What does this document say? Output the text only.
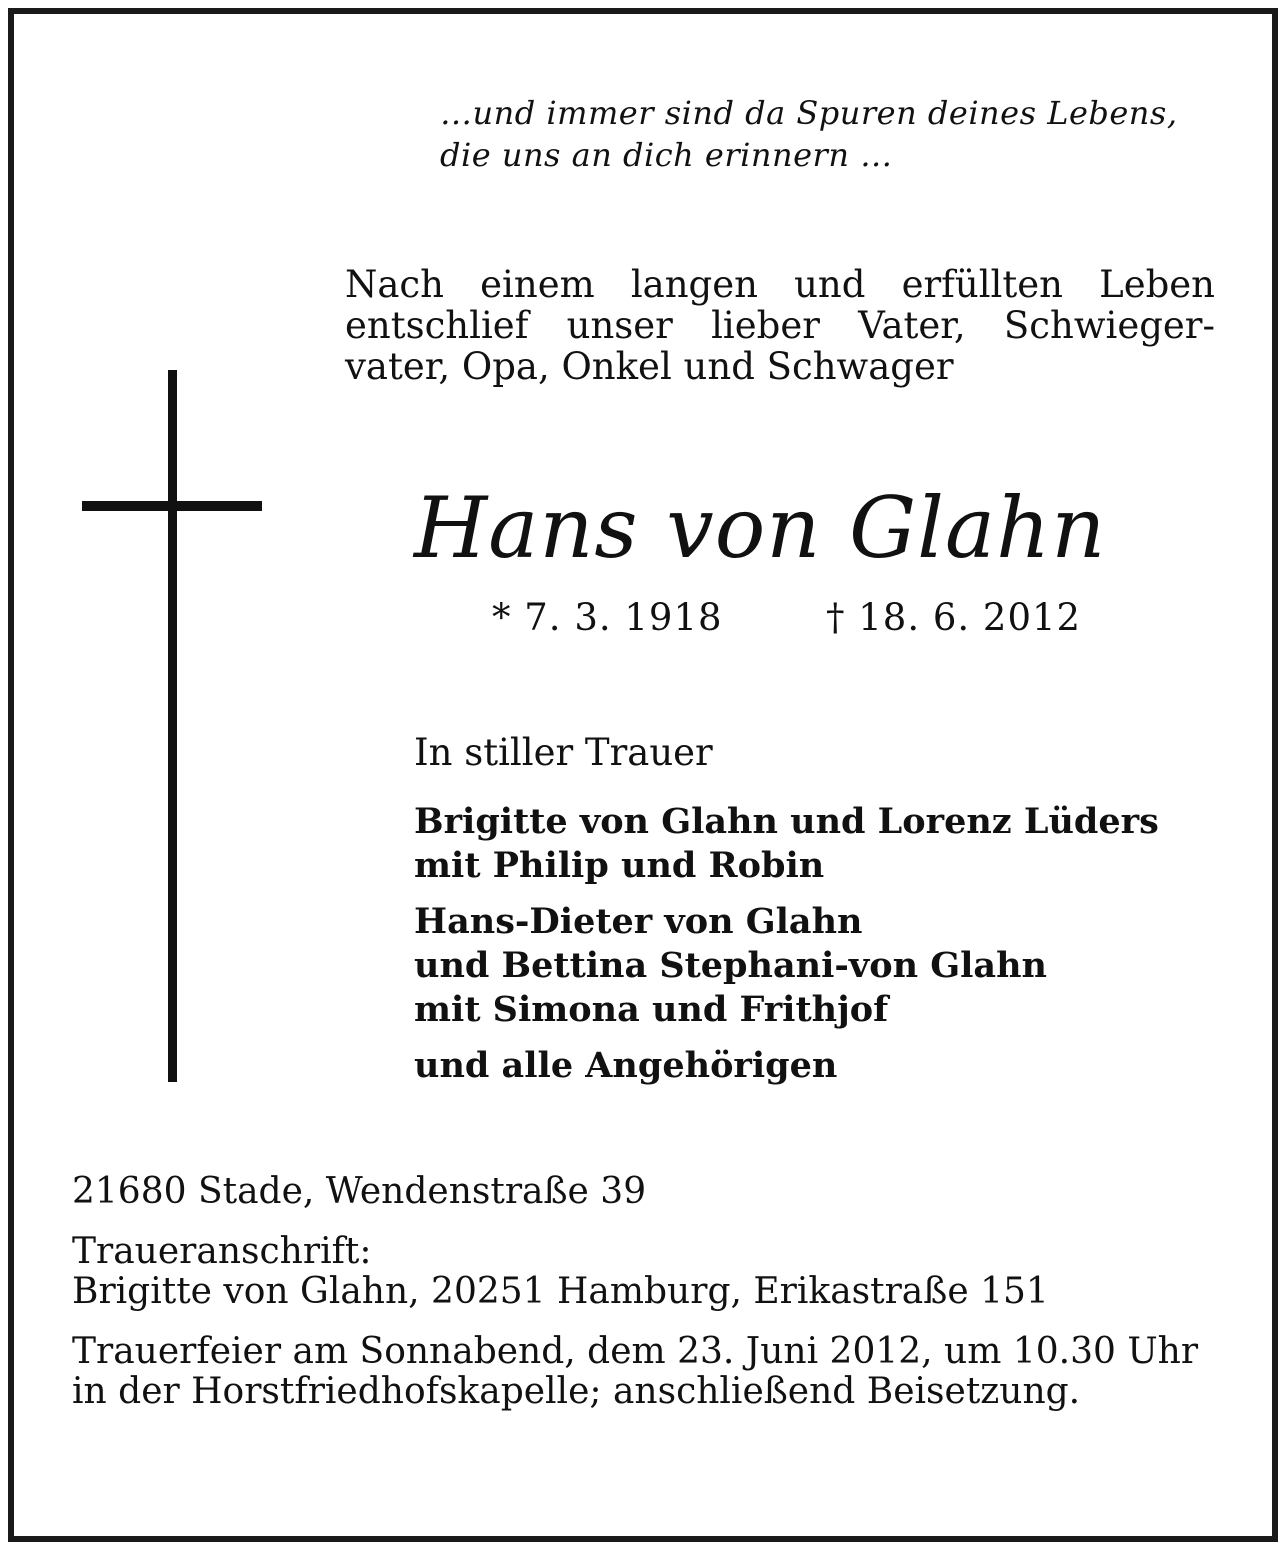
…und immer sind da Spuren deines Lebens,
die uns an dich erinnern …
Nach einem langen und erfüllten Leben
entschlief unser lieber Vater, Schwieger-
vater, Opa, Onkel und Schwager
Hans von Glahn
* 7. 3. 1918	† 18. 6. 2012
In stiller Trauer
Brigitte von Glahn und Lorenz Lüders
mit Philip und Robin
Hans-Dieter von Glahn
und Bettina Stephani-von Glahn
mit Simona und Frithjof
und alle Angehörigen
21680 Stade, Wendenstraße 39
Traueranschrift:
Brigitte von Glahn, 20251 Hamburg, Erikastraße 151
Trauerfeier am Sonnabend, dem 23. Juni 2012, um 10.30 Uhr
in der Horstfriedhofskapelle; anschließend Beisetzung.
